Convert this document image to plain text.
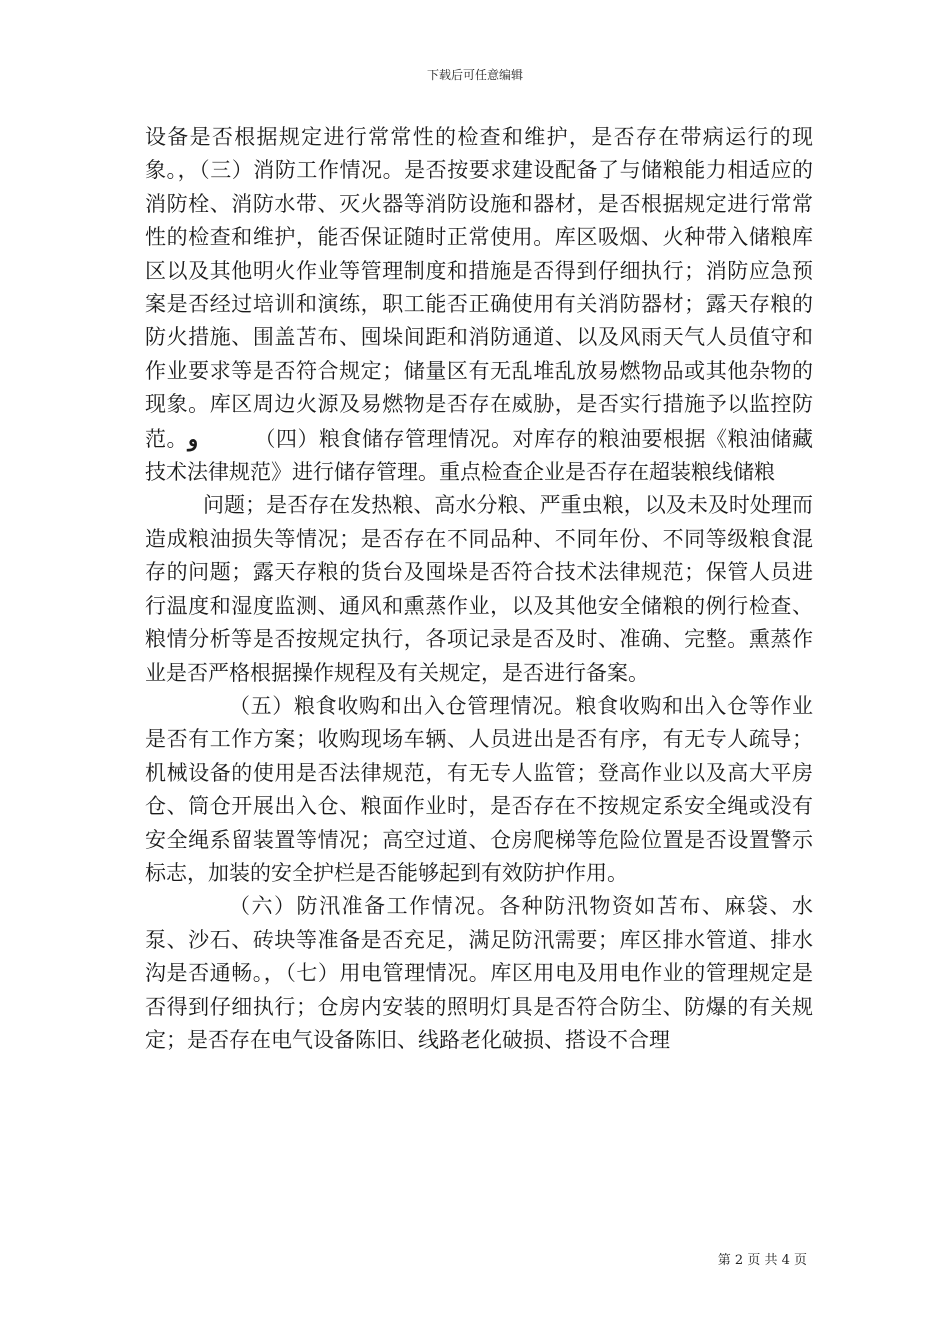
下载后可任意编辑

设备是否根据规定进行常常性的检查和维护，是否存在带病运行的现象。，（三）消防工作情况。是否按要求建设配备了与储粮能力相适应的消防栓、消防水带、灭火器等消防设施和器材，是否根据规定进行常常性的检查和维护，能否保证随时正常使用。库区吸烟、火种带入储粮库区以及其他明火作业等管理制度和措施是否得到仔细执行；消防应急预案是否经过培训和演练，职工能否正确使用有关消防器材；露天存粮的防火措施、围盖苫布、囤垛间距和消防通道、以及风雨天气人员值守和作业要求等是否符合规定；储量区有无乱堆乱放易燃物品或其他杂物的现象。库区周边火源及易燃物是否存在威胁，是否实行措施予以监控防范。و	（四）粮食储存管理情况。对库存的粮油要根据《粮油储藏技术法律规范》进行储存管理。重点检查企业是否存在超装粮线储粮

问题；是否存在发热粮、高水分粮、严重虫粮，以及未及时处理而造成粮油损失等情况；是否存在不同品种、不同年份、不同等级粮食混存的问题；露天存粮的货台及囤垛是否符合技术法律规范；保管人员进行温度和湿度监测、通风和熏蒸作业，以及其他安全储粮的例行检查、粮情分析等是否按规定执行，各项记录是否及时、准确、完整。熏蒸作业是否严格根据操作规程及有关规定，是否进行备案。

（五）粮食收购和出入仓管理情况。粮食收购和出入仓等作业是否有工作方案；收购现场车辆、人员进出是否有序，有无专人疏导；机械设备的使用是否法律规范，有无专人监管；登高作业以及高大平房仓、筒仓开展出入仓、粮面作业时，是否存在不按规定系安全绳或没有安全绳系留装置等情况；高空过道、仓房爬梯等危险位置是否设置警示标志，加装的安全护栏是否能够起到有效防护作用。

（六）防汛准备工作情况。各种防汛物资如苫布、麻袋、水泵、沙石、砖块等准备是否充足，满足防汛需要；库区排水管道、排水沟是否通畅。，（七）用电管理情况。库区用电及用电作业的管理规定是否得到仔细执行；仓房内安装的照明灯具是否符合防尘、防爆的有关规定；是否存在电气设备陈旧、线路老化破损、搭设不合理

第 2 页 共 4 页
